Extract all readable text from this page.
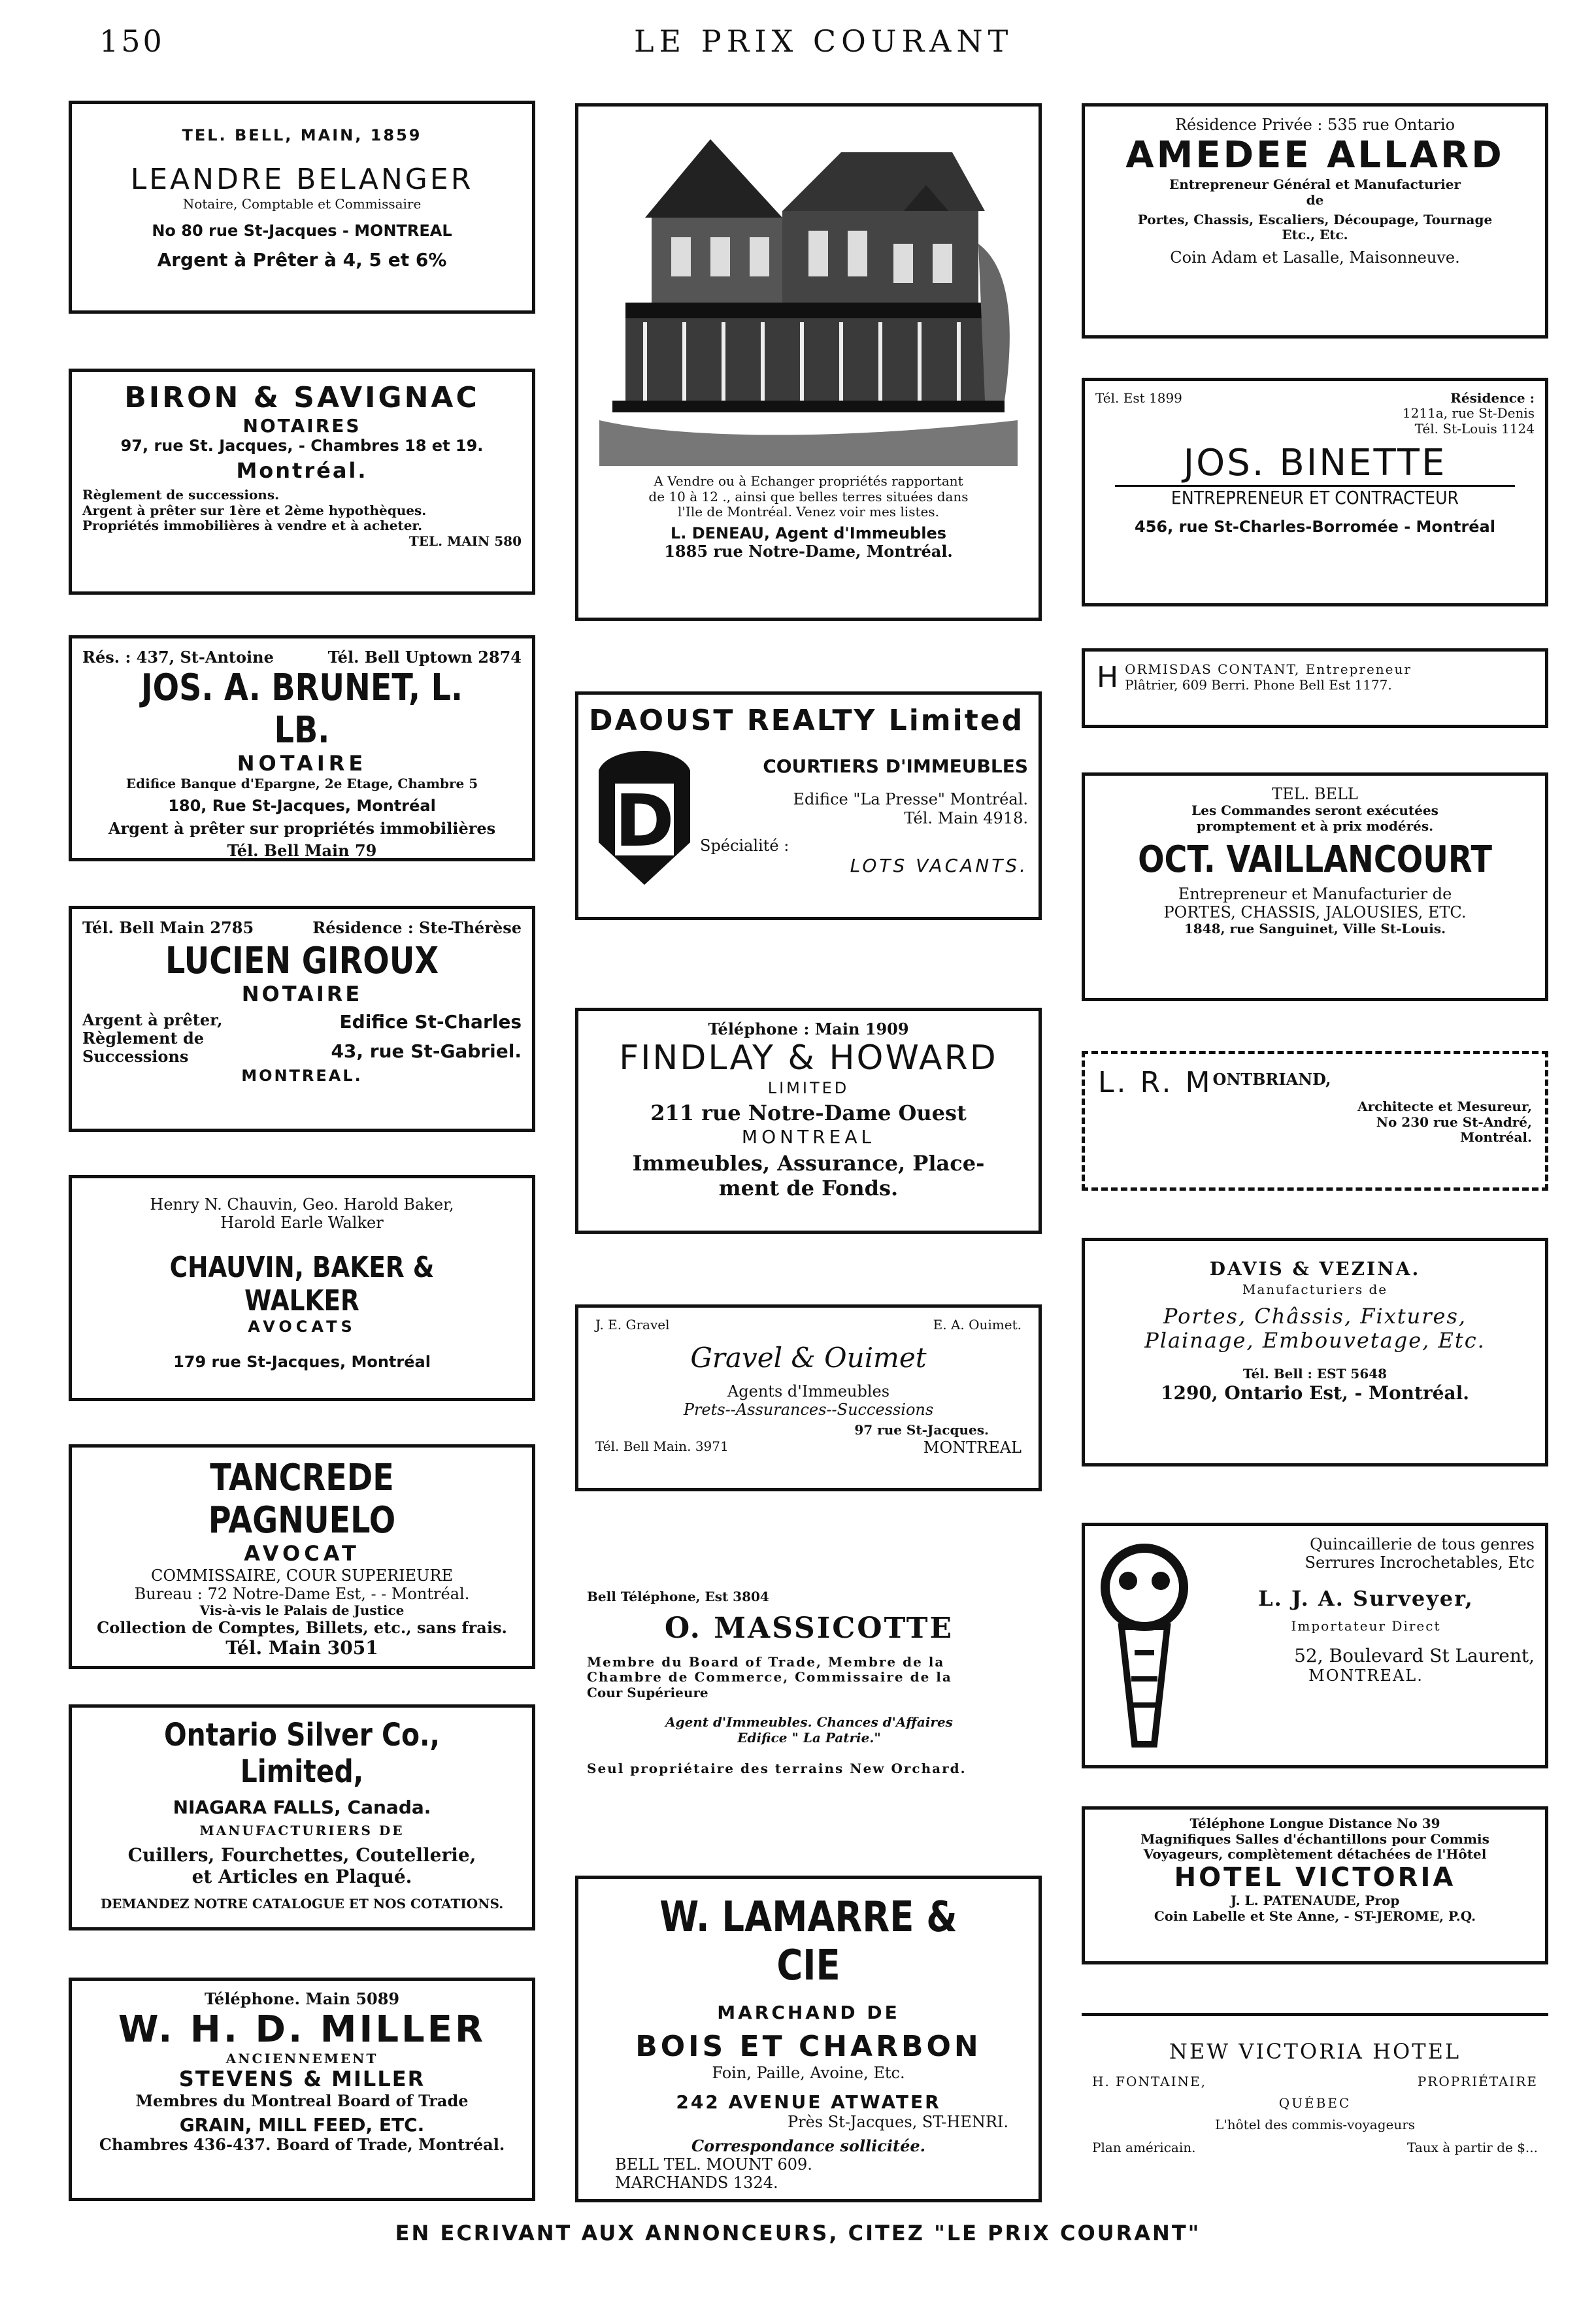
150	LE PRIX COURANT
TEL. BELL, MAIN, 1859
LEANDRE BELANGER
Notaire, Comptable et Commissaire
No 80 rue St-Jacques - MONTREAL
Argent à Prêter à 4, 5 et 6%
BIRON & SAVIGNAC
NOTAIRES
97, rue St. Jacques, - Chambres 18 et 19.
Montréal.
Règlement de successions.
Argent à prêter sur 1ère et 2ème hypothèques.
Propriétés immobilières à vendre et à acheter.
TEL. MAIN 580
Rés. : 437, St-Antoine	Tél. Bell Uptown 2874
JOS. A. BRUNET, L. LB.
NOTAIRE
Edifice Banque d'Epargne, 2e Etage, Chambre 5
180, Rue St-Jacques, Montréal
Argent à prêter sur propriétés immobilières
Tél. Bell Main 79
Tél. Bell Main 2785	Résidence : Ste-Thérèse
LUCIEN GIROUX
NOTAIRE
Argent à prêter,
Règlement de
Successions
Edifice St-Charles
43, rue St-Gabriel.
MONTREAL.
Henry N. Chauvin, Geo. Harold Baker,
Harold Earle Walker
CHAUVIN, BAKER & WALKER
AVOCATS
179 rue St-Jacques, Montréal
TANCREDE PAGNUELO
AVOCAT
COMMISSAIRE, COUR SUPERIEURE
Bureau : 72 Notre-Dame Est, - - Montréal.
Vis-à-vis le Palais de Justice
Collection de Comptes, Billets, etc., sans frais.
Tél. Main 3051
Ontario Silver Co., Limited,
NIAGARA FALLS, Canada.
MANUFACTURIERS DE
Cuillers, Fourchettes, Coutellerie,
et Articles en Plaqué.
DEMANDEZ NOTRE CATALOGUE ET NOS COTATIONS.
Téléphone. Main 5089
W. H. D. MILLER
ANCIENNEMENT
STEVENS & MILLER
Membres du Montreal Board of Trade
GRAIN, MILL FEED, ETC.
Chambres 436-437. Board of Trade, Montréal.
A Vendre ou à Echanger propriétés rapportant
de 10 à 12 ., ainsi que belles terres situées dans
l'Ile de Montréal. Venez voir mes listes.
L. DENEAU, Agent d'Immeubles
1885 rue Notre-Dame, Montréal.
DAOUST REALTY Limited
D
COURTIERS D'IMMEUBLES
Edifice "La Presse" Montréal.
Tél. Main 4918.
Spécialité :
LOTS VACANTS.
Téléphone : Main 1909
FINDLAY & HOWARD
LIMITED
211 rue Notre-Dame Ouest
MONTREAL
Immeubles, Assurance, Place-
ment de Fonds.
J. E. Gravel	E. A. Ouimet.
Gravel & Ouimet
Agents d'Immeubles
Prets--Assurances--Successions
97 rue St-Jacques.
Tél. Bell Main. 3971	MONTREAL
Bell Téléphone, Est 3804
O. MASSICOTTE
Membre du Board of Trade, Membre de la
Chambre de Commerce, Commissaire de la
Cour Supérieure
Agent d'Immeubles. Chances d'Affaires
Edifice " La Patrie."
Seul propriétaire des terrains New Orchard.
W. LAMARRE & CIE
MARCHAND DE
BOIS ET CHARBON
Foin, Paille, Avoine, Etc.
242 AVENUE ATWATER
Près St-Jacques, ST-HENRI.
Correspondance sollicitée.
BELL TEL. MOUNT 609.
MARCHANDS 1324.
Résidence Privée : 535 rue Ontario
AMEDEE ALLARD
Entrepreneur Général et Manufacturier
de
Portes, Chassis, Escaliers, Découpage, Tournage
Etc., Etc.
Coin Adam et Lasalle, Maisonneuve.
Tél. Est 1899	Résidence :
1211a, rue St-Denis
Tél. St-Louis 1124
JOS. BINETTE
ENTREPRENEUR ET CONTRACTEUR
456, rue St-Charles-Borromée - Montréal
H ORMISDAS CONTANT, Entrepreneur
Plâtrier, 609 Berri. Phone Bell Est 1177.
TEL. BELL
Les Commandes seront exécutées
promptement et à prix modérés.
OCT. VAILLANCOURT
Entrepreneur et Manufacturier de
PORTES, CHASSIS, JALOUSIES, ETC.
1848, rue Sanguinet, Ville St-Louis.
L. R. M ONTBRIAND,
Architecte et Mesureur,
No 230 rue St-André,
Montréal.
DAVIS & VEZINA.
Manufacturiers de
Portes, Châssis, Fixtures,
Plainage, Embouvetage, Etc.
Tél. Bell : EST 5648
1290, Ontario Est, - Montréal.
Quincaillerie de tous genres
Serrures Incrochetables, Etc
L. J. A. Surveyer,
Importateur Direct
52, Boulevard St Laurent,
MONTREAL.
Téléphone Longue Distance No 39
Magnifiques Salles d'échantillons pour Commis
Voyageurs, complètement détachées de l'Hôtel
HOTEL VICTORIA
J. L. PATENAUDE, Prop
Coin Labelle et Ste Anne, - ST-JEROME, P.Q.
NEW VICTORIA HOTEL
H. FONTAINE,	PROPRIÉTAIRE
QUÉBEC
L'hôtel des commis-voyageurs
Plan américain.	Taux à partir de $...
EN ECRIVANT AUX ANNONCEURS, CITEZ "LE PRIX COURANT"
